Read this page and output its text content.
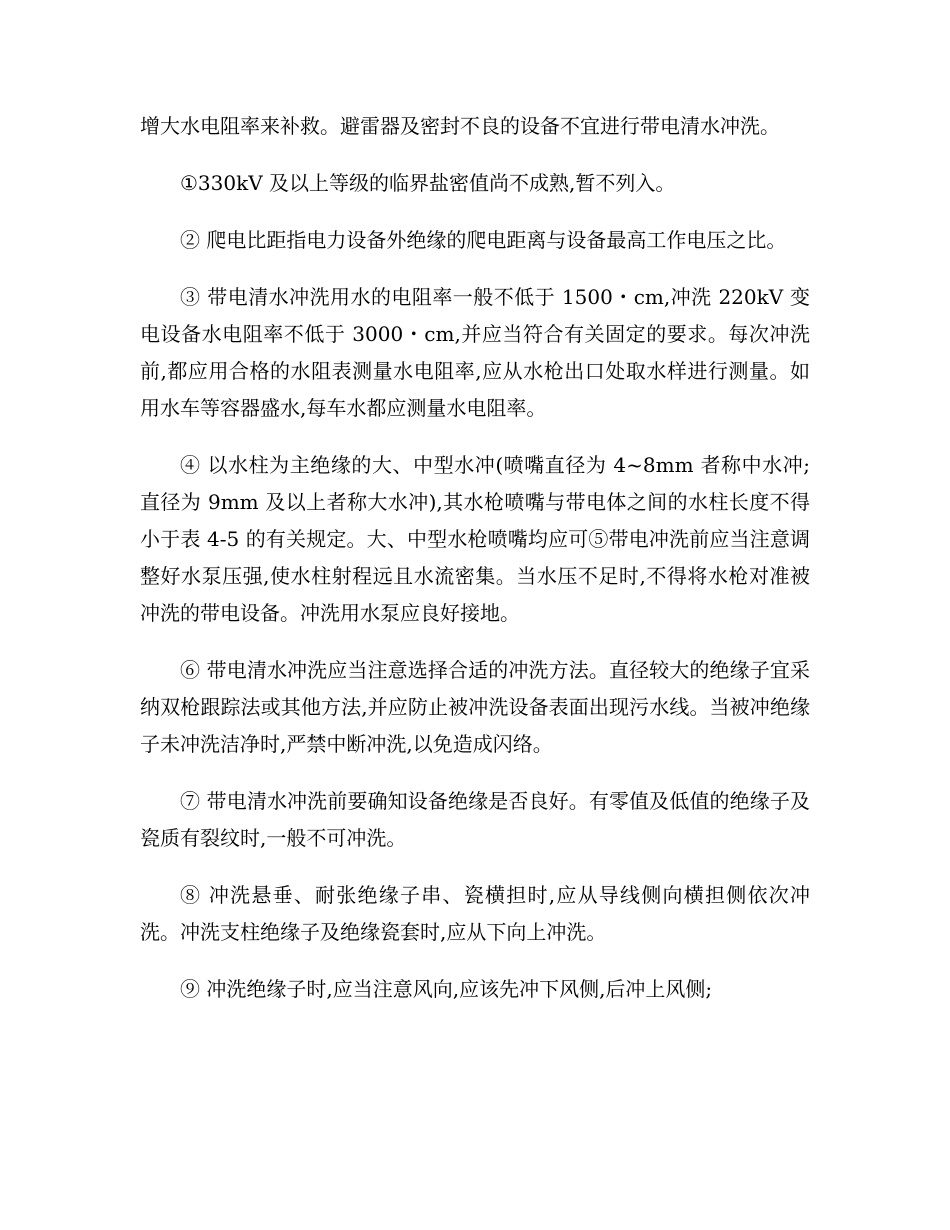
增大水电阻率来补救。避雷器及密封不良的设备不宜进行带电清水冲洗。

①330kV 及以上等级的临界盐密值尚不成熟,暂不列入。

② 爬电比距指电力设备外绝缘的爬电距离与设备最高工作电压之比。

③ 带电清水冲洗用水的电阻率一般不低于 1500・cm,冲洗 220kV 变电设备水电阻率不低于 3000・cm,并应当符合有关固定的要求。每次冲洗前,都应用合格的水阻表测量水电阻率,应从水枪出口处取水样进行测量。如用水车等容器盛水,每车水都应测量水电阻率。

④ 以水柱为主绝缘的大、中型水冲(喷嘴直径为 4~8mm 者称中水冲;直径为 9mm 及以上者称大水冲),其水枪喷嘴与带电体之间的水柱长度不得小于表 4-5 的有关规定。大、中型水枪喷嘴均应可⑤带电冲洗前应当注意调整好水泵压强,使水柱射程远且水流密集。当水压不足时,不得将水枪对准被冲洗的带电设备。冲洗用水泵应良好接地。

⑥ 带电清水冲洗应当注意选择合适的冲洗方法。直径较大的绝缘子宜采纳双枪跟踪法或其他方法,并应防止被冲洗设备表面出现污水线。当被冲绝缘子未冲洗洁净时,严禁中断冲洗,以免造成闪络。

⑦ 带电清水冲洗前要确知设备绝缘是否良好。有零值及低值的绝缘子及瓷质有裂纹时,一般不可冲洗。

⑧ 冲洗悬垂、耐张绝缘子串、瓷横担时,应从导线侧向横担侧依次冲洗。冲洗支柱绝缘子及绝缘瓷套时,应从下向上冲洗。

⑨ 冲洗绝缘子时,应当注意风向,应该先冲下风侧,后冲上风侧;
